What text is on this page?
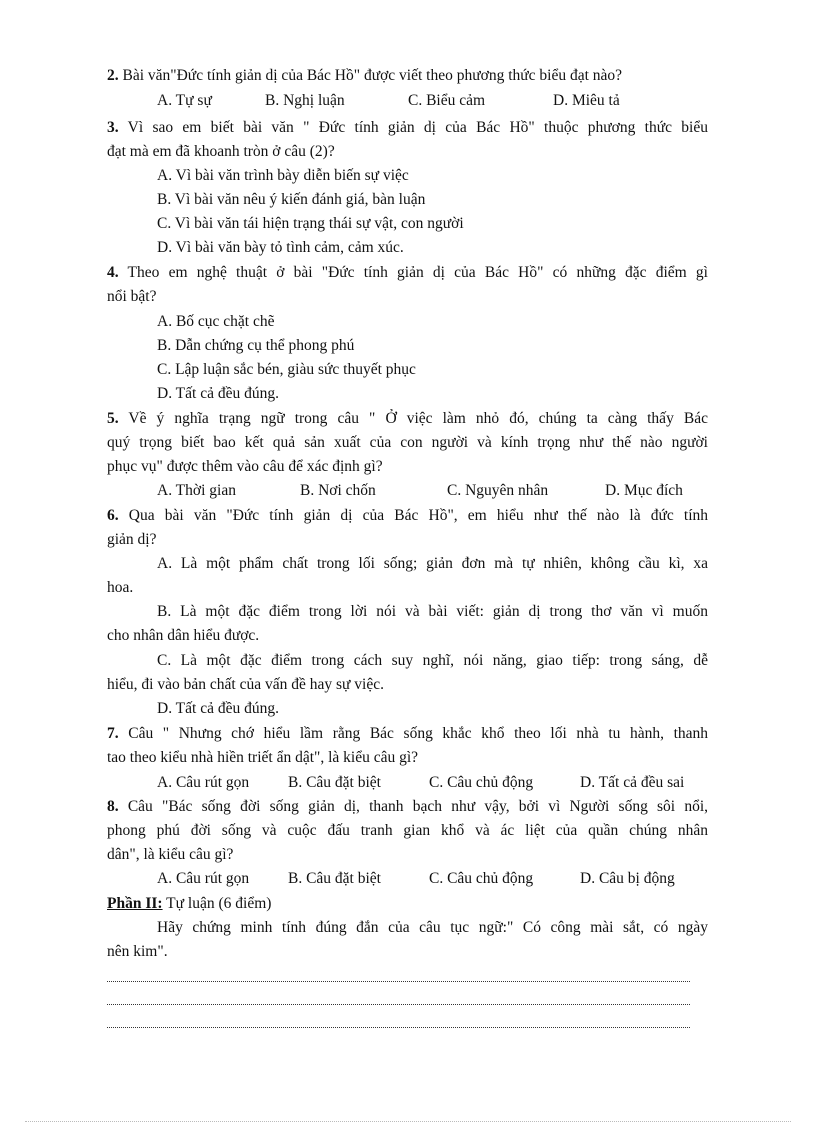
2. Bài văn"Đức tính giản dị của Bác Hồ" được viết theo phương thức biểu đạt nào?
A. Tự sự	B. Nghị luận	C. Biểu cảm	D. Miêu tả
3. Vì sao em biết bài văn " Đức tính giản dị của Bác Hồ" thuộc phương thức biểu
đạt mà em đã khoanh tròn ở câu (2)?
A. Vì bài văn trình bày diễn biến sự việc
B. Vì bài văn nêu ý kiến đánh giá, bàn luận
C. Vì bài văn tái hiện trạng thái sự vật, con người
D. Vì bài văn bày tỏ tình cảm, cảm xúc.
4. Theo em nghệ thuật ở bài "Đức tính giản dị của Bác Hồ" có những đặc điểm gì
nổi bật?
A. Bố cục chặt chẽ
B. Dẫn chứng cụ thể phong phú
C. Lập luận sắc bén, giàu sức thuyết phục
D. Tất cả đều đúng.
5. Về ý nghĩa trạng ngữ trong câu " Ở việc làm nhỏ đó, chúng ta càng thấy Bác
quý trọng biết bao kết quả sản xuất của con người và kính trọng như thế nào người
phục vụ" được thêm vào câu để xác định gì?
A. Thời gian	B. Nơi chốn	C. Nguyên nhân	D. Mục đích
6. Qua bài văn "Đức tính giản dị của Bác Hồ", em hiểu như thế nào là đức tính
giản dị?
A. Là một phẩm chất trong lối sống; giản đơn mà tự nhiên, không cầu kì, xa
hoa.
B. Là một đặc điểm trong lời nói và bài viết: giản dị trong thơ văn vì muốn
cho nhân dân hiểu được.
C. Là một đặc điểm trong cách suy nghĩ, nói năng, giao tiếp: trong sáng, dễ
hiểu, đi vào bản chất của vấn đề hay sự việc.
D. Tất cả đều đúng.
7. Câu " Nhưng chớ hiểu lầm rằng Bác sống khắc khổ theo lối nhà tu hành, thanh
tao theo kiểu nhà hiền triết ẩn dật", là kiểu câu gì?
A. Câu rút gọn	B. Câu đặt biệt	C. Câu chủ động	D. Tất cả đều sai
8. Câu "Bác sống đời sống giản dị, thanh bạch như vậy, bởi vì Người sống sôi nổi,
phong phú đời sống và cuộc đấu tranh gian khổ và ác liệt của quần chúng nhân
dân", là kiểu câu gì?
A. Câu rút gọn	B. Câu đặt biệt	C. Câu chủ động	D. Câu bị động
Phần II: Tự luận (6 điểm)
Hãy chứng minh tính đúng đắn của câu tục ngữ:" Có công mài sắt, có ngày
nên kim".
